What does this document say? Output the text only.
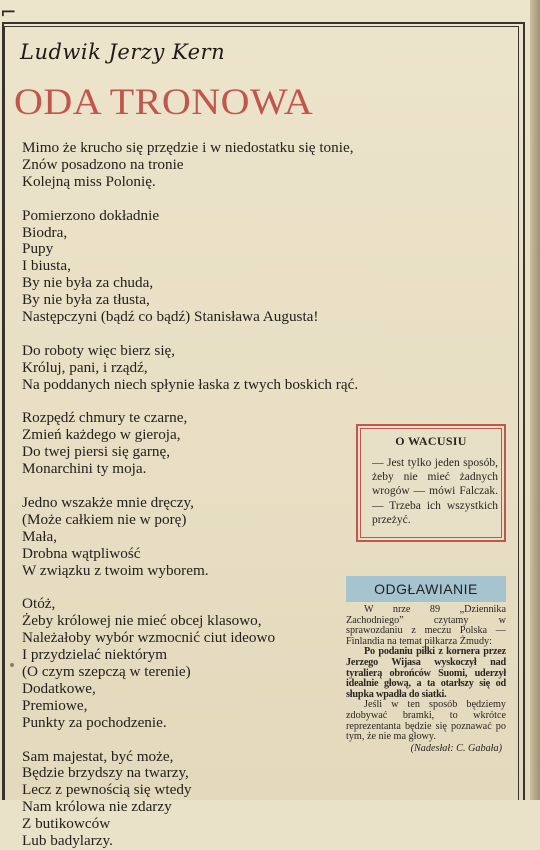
⌐
Ludwik Jerzy Kern
ODA TRONOWA
Mimo że kruchо się przędzie i w niedostatku się tonie,
Znów posadzono na tronie
Kolejną miss Polonię.
Pomierzono dokładnie
Biodra,
Pupy
I biusta,
By nie była za chuda,
By nie była za tłusta,
Następczyni (bądź co bądź) Stanisława Augusta!
Do roboty więc bierz się,
Króluj, pani, i rządź,
Na poddanych niech spłynie łaska z twych boskich rąć.
Rozpędź chmury te czarne,
Zmień każdego w gieroja,
Do twej piersi się garnę,
Monarchini ty moja.
Jedno wszakże mnie dręczy,
(Może całkiem nie w porę)
Mała,
Drobna wątpliwość
W związku z twoim wyborem.
Otóż,
Żeby królowej nie mieć obcej klasowo,
Należałoby wybór wzmocnić ciut ideowo
I przydzielać niektórym
(O czym szepczą w terenie)
Dodatkowe,
Premiowe,
Punkty za pochodzenie.
Sam majestat, być może,
Będzie brzydszy na twarzy,
Lecz z pewnością się wtedy
Nam królowa nie zdarzy
Z butikowców
Lub badylarzy.
O WACUSIU
— Jest tylko jeden sposób, żeby nie mieć żadnych wrogów — mówi Falczak. — Trzeba ich wszystkich przeżyć.
ODGŁAWIANIE
W nrze 89 „Dziennika Zachodniego” czytamy w sprawozdaniu z meczu Polska — Finlandia na temat piłkarza Żmudy:
Po podaniu piłki z kornera przez Jerzego Wijasa wyskoczył nad tyralierą obrońców Suomi, uderzył idealnie głową, a ta otarłszy się od słupka wpadła do siatki.
Jeśli w ten sposób będziemy zdobywać bramki, to wkrótce reprezentanta będzie się poznawać po tym, że nie ma głowy.
(Nadesłał: C. Gabała)
